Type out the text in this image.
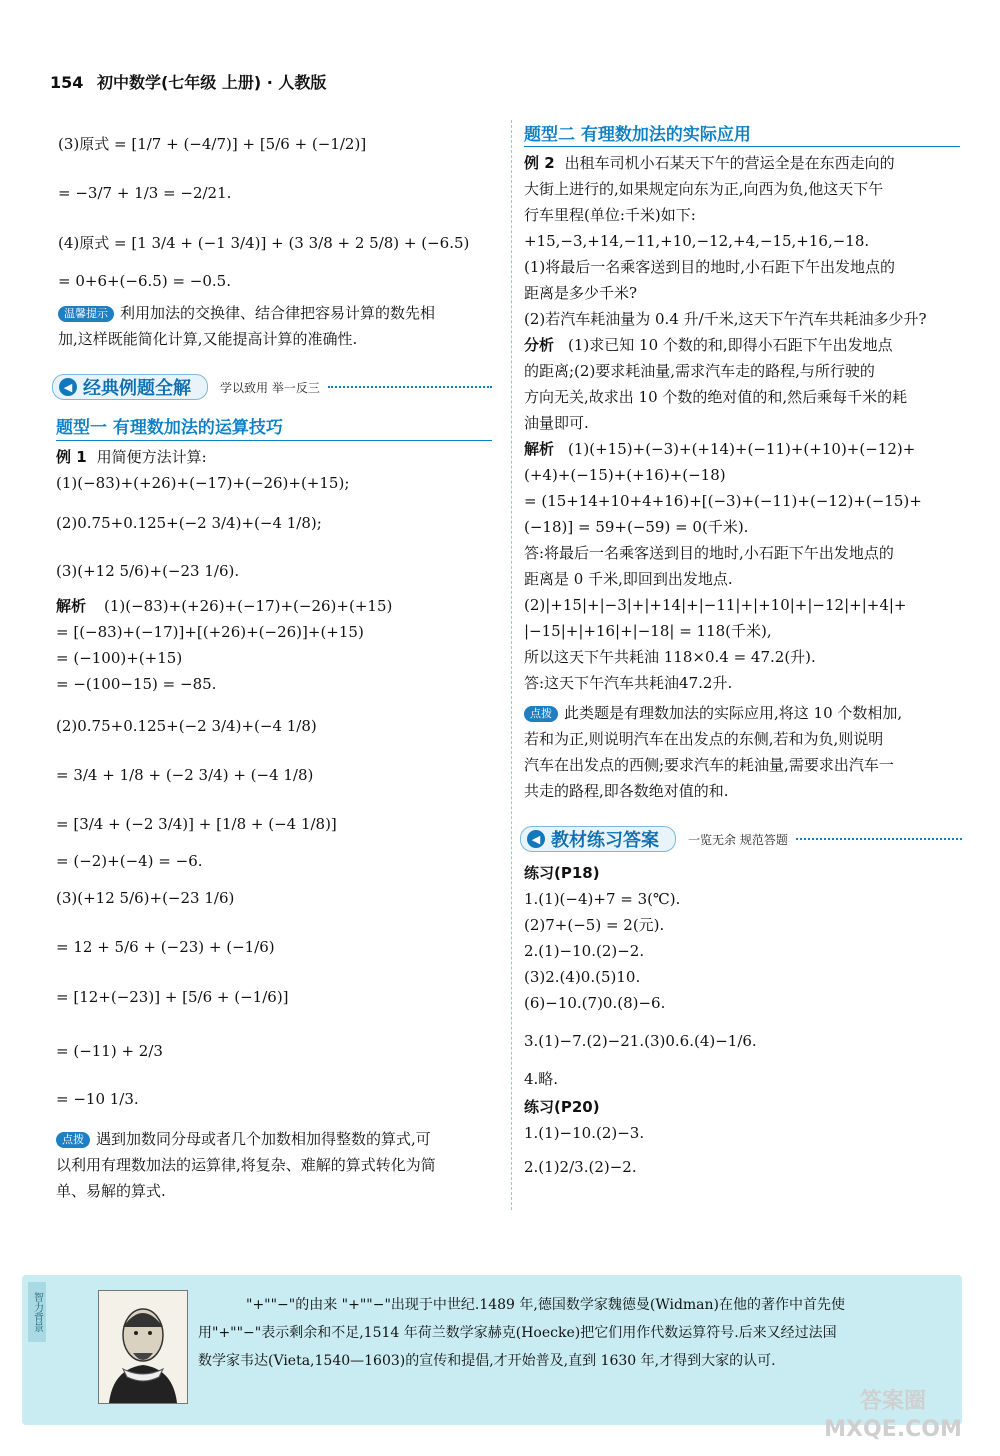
154 初中数学(七年级 上册) · 人教版
(3)原式 = [1/7 + (−4/7)] + [5/6 + (−1/2)]
= −3/7 + 1/3 = −2/21.
(4)原式 = [1 3/4 + (−1 3/4)] + (3 3/8 + 2 5/8) + (−6.5)
= 0+6+(−6.5) = −0.5.
温馨提示 利用加法的交换律、结合律把容易计算的数先相
加,这样既能简化计算,又能提高计算的准确性.
◀ 经典例题全解 学以致用 举一反三
题型一 有理数加法的运算技巧
例 1 用简便方法计算:
(1)(−83)+(+26)+(−17)+(−26)+(+15);
(2)0.75+0.125+(−2 3/4)+(−4 1/8);
(3)(+12 5/6)+(−23 1/6).
解析 (1)(−83)+(+26)+(−17)+(−26)+(+15)
= [(−83)+(−17)]+[(+26)+(−26)]+(+15)
= (−100)+(+15)
= −(100−15) = −85.
(2)0.75+0.125+(−2 3/4)+(−4 1/8)
= 3/4 + 1/8 + (−2 3/4) + (−4 1/8)
= [3/4 + (−2 3/4)] + [1/8 + (−4 1/8)]
= (−2)+(−4) = −6.
(3)(+12 5/6)+(−23 1/6)
= 12 + 5/6 + (−23) + (−1/6)
= [12+(−23)] + [5/6 + (−1/6)]
= (−11) + 2/3
= −10 1/3.
点拨 遇到加数同分母或者几个加数相加得整数的算式,可
以利用有理数加法的运算律,将复杂、难解的算式转化为简
单、易解的算式.
题型二 有理数加法的实际应用
例 2 出租车司机小石某天下午的营运全是在东西走向的
大街上进行的,如果规定向东为正,向西为负,他这天下午
行车里程(单位:千米)如下:
+15,−3,+14,−11,+10,−12,+4,−15,+16,−18.
(1)将最后一名乘客送到目的地时,小石距下午出发地点的
距离是多少千米?
(2)若汽车耗油量为 0.4 升/千米,这天下午汽车共耗油多少升?
分析 (1)求已知 10 个数的和,即得小石距下午出发地点
的距离;(2)要求耗油量,需求汽车走的路程,与所行驶的
方向无关,故求出 10 个数的绝对值的和,然后乘每千米的耗
油量即可.
解析 (1)(+15)+(−3)+(+14)+(−11)+(+10)+(−12)+
(+4)+(−15)+(+16)+(−18)
= (15+14+10+4+16)+[(−3)+(−11)+(−12)+(−15)+
(−18)] = 59+(−59) = 0(千米).
答:将最后一名乘客送到目的地时,小石距下午出发地点的
距离是 0 千米,即回到出发地点.
(2)|+15|+|−3|+|+14|+|−11|+|+10|+|−12|+|+4|+
|−15|+|+16|+|−18| = 118(千米),
所以这天下午共耗油 118×0.4 = 47.2(升).
答:这天下午汽车共耗油47.2升.
点拨 此类题是有理数加法的实际应用,将这 10 个数相加,
若和为正,则说明汽车在出发点的东侧,若和为负,则说明
汽车在出发点的西侧;要求汽车的耗油量,需要求出汽车一
共走的路程,即各数绝对值的和.
◀ 教材练习答案 一览无余 规范答题
练习(P18)
1.(1)(−4)+7 = 3(℃).
(2)7+(−5) = 2(元).
2.(1)−10.(2)−2.
(3)2.(4)0.(5)10.
(6)−10.(7)0.(8)−6.
3.(1)−7.(2)−21.(3)0.6.(4)−1/6.
4.略.
练习(P20)
1.(1)−10.(2)−3.
2.(1)2/3.(2)−2.
智力背景	"+""−"的由来 "+""−"出现于中世纪.1489 年,德国数学家魏德曼(Widman)在他的著作中首先使
用"+""−"表示剩余和不足,1514 年荷兰数学家赫克(Hoecke)把它们用作代数运算符号.后来又经过法国
数学家韦达(Vieta,1540—1603)的宣传和提倡,才开始普及,直到 1630 年,才得到大家的认可.
答案圈
MXQE.COM
